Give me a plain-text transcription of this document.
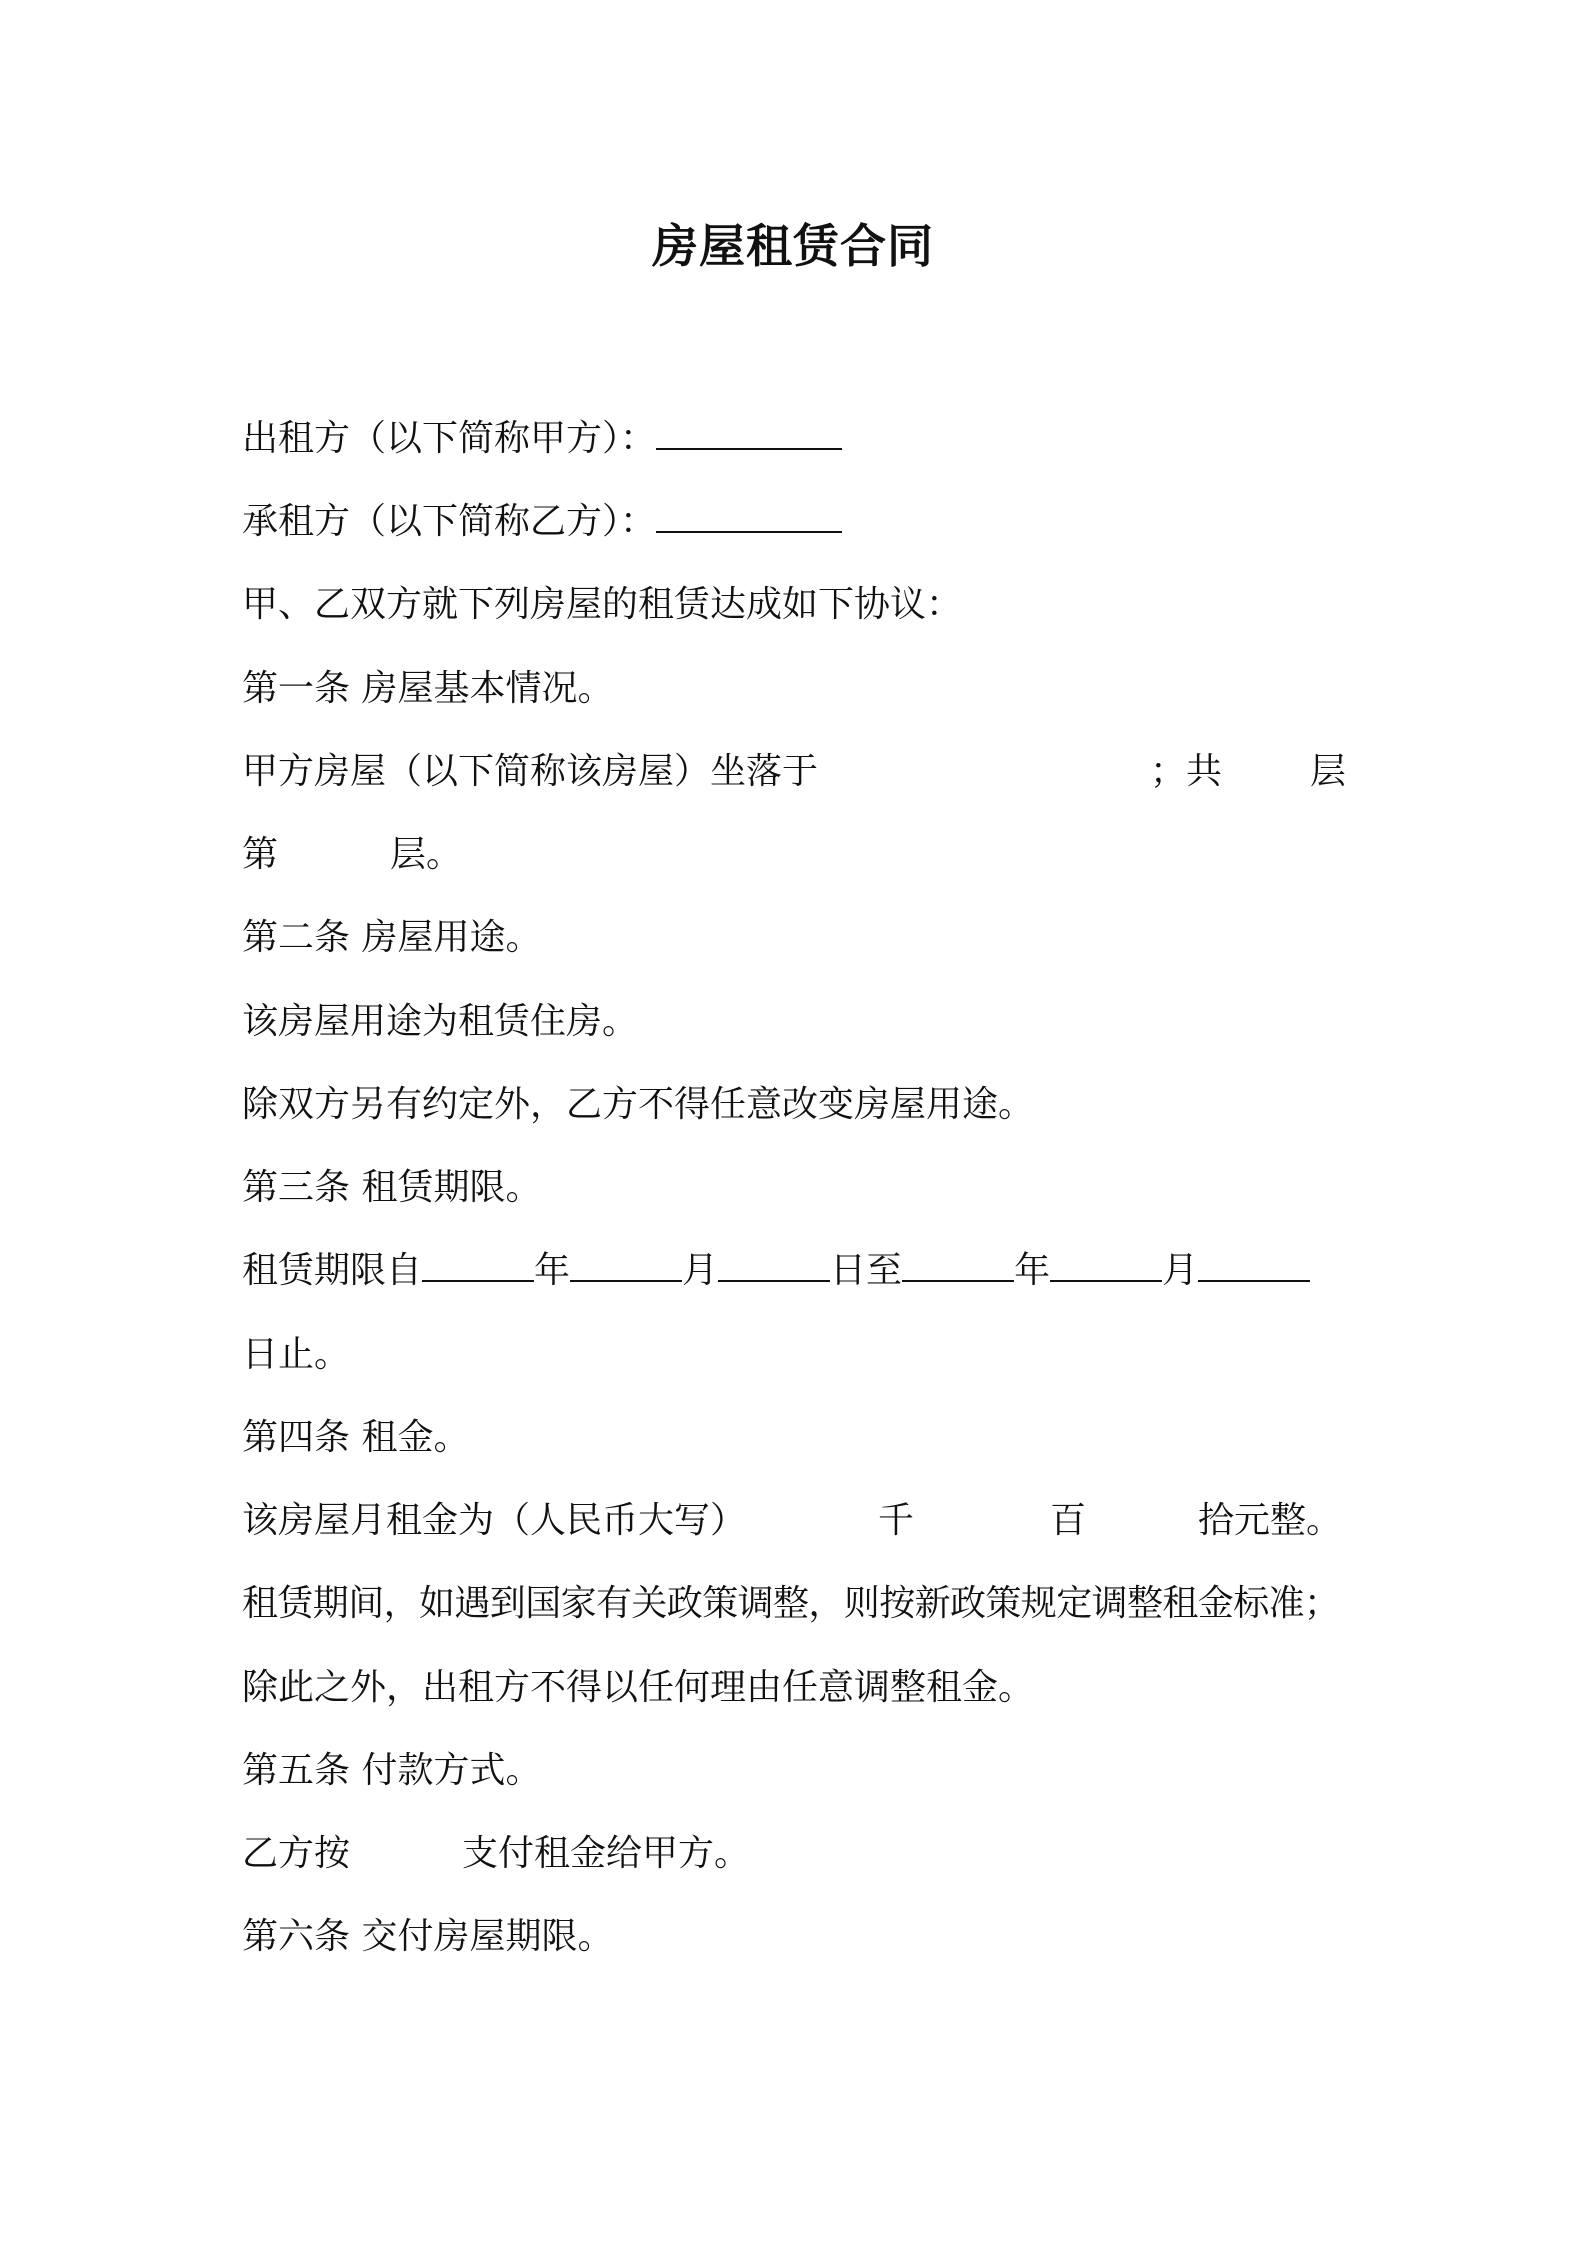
房屋租赁合同
出租方（以下简称甲方）：
承租方（以下简称乙方）：
甲、乙双方就下列房屋的租赁达成如下协议：
第一条 房屋基本情况。
甲方房屋（以下简称该房屋）坐落于	；共 层
第	层。
第二条 房屋用途。
该房屋用途为租赁住房。
除双方另有约定外，乙方不得任意改变房屋用途。
第三条 租赁期限。
租赁期限自	年	月	日至	年	月
日止。
第四条 租金。
该房屋月租金为（人民币大写）	千	百	拾元整。
租赁期间，如遇到国家有关政策调整，则按新政策规定调整租金标准；
除此之外，出租方不得以任何理由任意调整租金。
第五条 付款方式。
乙方按	支付租金给甲方。
第六条 交付房屋期限。
